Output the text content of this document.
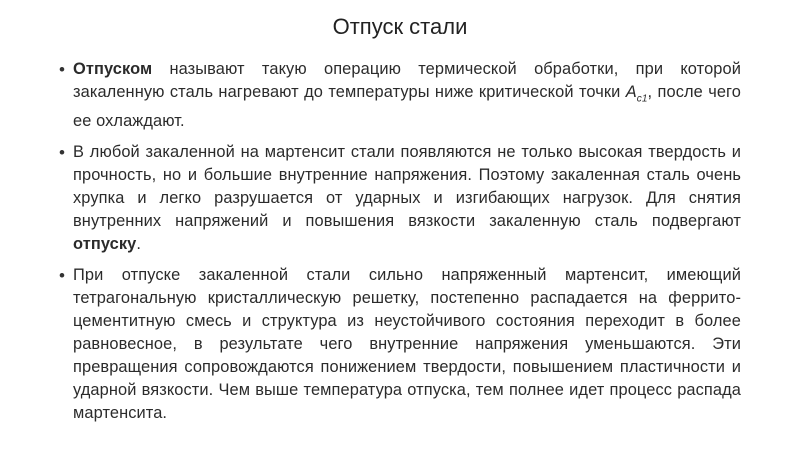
Отпуск стали
• Отпуском называют такую операцию термической обработки, при которой закаленную сталь нагревают до температуры ниже критической точки $A_{c1}$, после чего ее охлаждают.
• В любой закаленной на мартенсит стали появляются не только высокая твердость и прочность, но и большие внутренние напряжения. Поэтому закаленная сталь очень хрупка и легко разрушается от ударных и изгибающих нагрузок. Для снятия внутренних напряжений и повышения вязкости закаленную сталь подвергают отпуску.
• При отпуске закаленной стали сильно напряженный мартенсит, имеющий тетрагональную кристаллическую решетку, постепенно распадается на феррито-цементитную смесь и структура из неустойчивого состояния переходит в более равновесное, в результате чего внутренние напряжения уменьшаются. Эти превращения сопровождаются понижением твердости, повышением пластичности и ударной вязкости. Чем выше температура отпуска, тем полнее идет процесс распада мартенсита.
